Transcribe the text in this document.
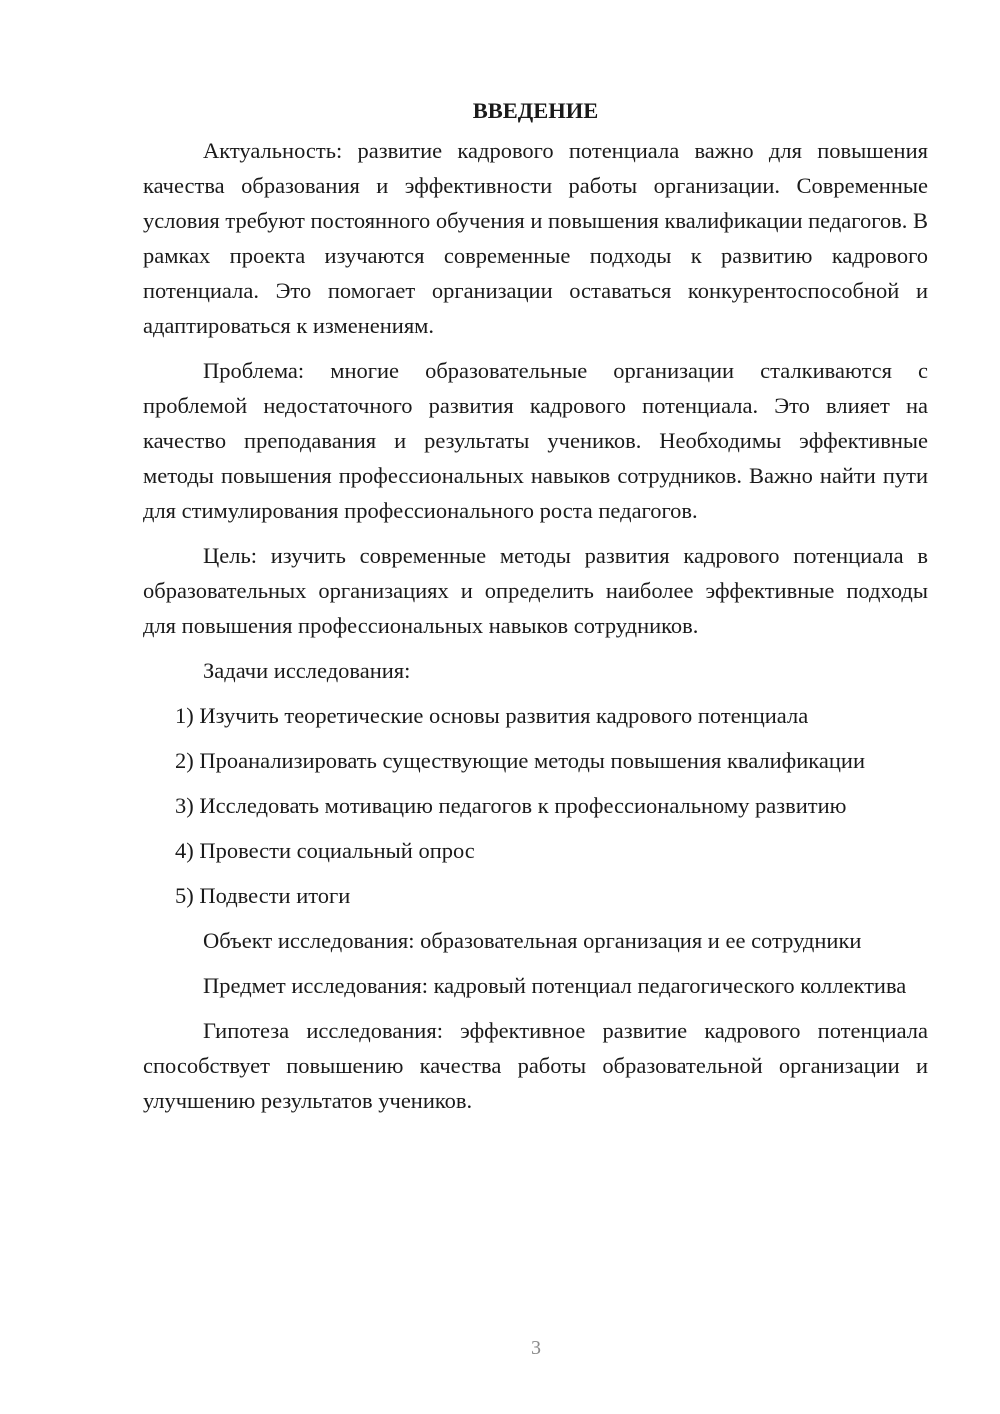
ВВЕДЕНИЕ

Актуальность: развитие кадрового потенциала важно для повышения качества образования и эффективности работы организации. Современные условия требуют постоянного обучения и повышения квалификации педагогов. В рамках проекта изучаются современные подходы к развитию кадрового потенциала. Это помогает организации оставаться конкурентоспособной и адаптироваться к изменениям.

Проблема: многие образовательные организации сталкиваются с проблемой недостаточного развития кадрового потенциала. Это влияет на качество преподавания и результаты учеников. Необходимы эффективные методы повышения профессиональных навыков сотрудников. Важно найти пути для стимулирования профессионального роста педагогов.

Цель: изучить современные методы развития кадрового потенциала в образовательных организациях и определить наиболее эффективные подходы для повышения профессиональных навыков сотрудников.

Задачи исследования:

1) Изучить теоретические основы развития кадрового потенциала

2) Проанализировать существующие методы повышения квалификации

3) Исследовать мотивацию педагогов к профессиональному развитию

4) Провести социальный опрос

5) Подвести итоги

Объект исследования: образовательная организация и ее сотрудники

Предмет исследования: кадровый потенциал педагогического коллектива

Гипотеза исследования: эффективное развитие кадрового потенциала способствует повышению качества работы образовательной организации и улучшению результатов учеников.

3
